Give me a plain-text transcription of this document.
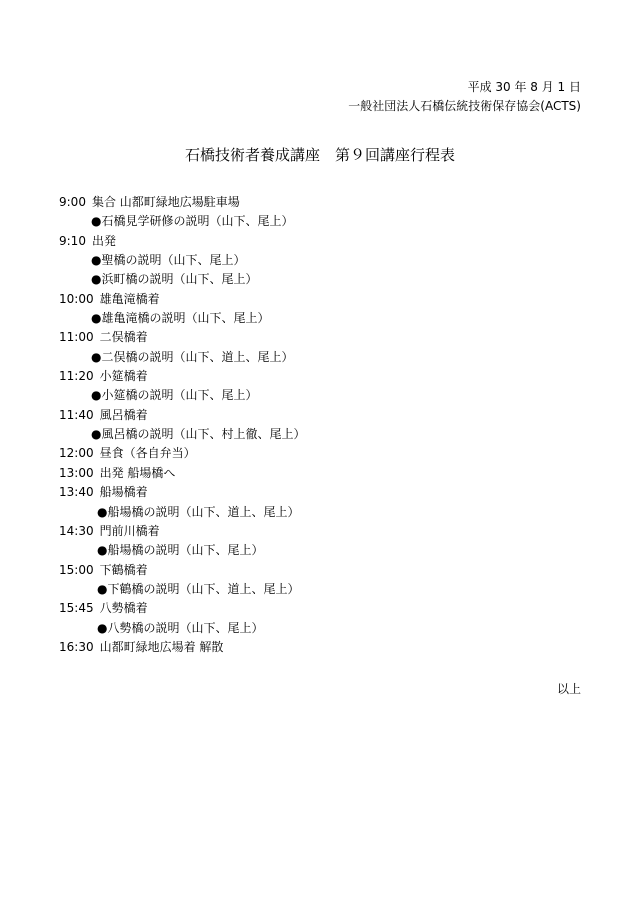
平成 30 年 8 月 1 日
一般社団法人石橋伝統技術保存協会(ACTS)
石橋技術者養成講座　第９回講座行程表
9:00 集合 山都町緑地広場駐車場
●石橋見学研修の説明（山下、尾上）
9:10 出発
●聖橋の説明（山下、尾上）
●浜町橋の説明（山下、尾上）
10:00 雄亀滝橋着
●雄亀滝橋の説明（山下、尾上）
11:00 二俣橋着
●二俣橋の説明（山下、道上、尾上）
11:20 小筵橋着
●小筵橋の説明（山下、尾上）
11:40 風呂橋着
●風呂橋の説明（山下、村上徹、尾上）
12:00 昼食（各自弁当）
13:00 出発 船場橋へ
13:40 船場橋着
●船場橋の説明（山下、道上、尾上）
14:30 門前川橋着
●船場橋の説明（山下、尾上）
15:00 下鶴橋着
●下鶴橋の説明（山下、道上、尾上）
15:45 八勢橋着
●八勢橋の説明（山下、尾上）
16:30 山都町緑地広場着 解散
以上
